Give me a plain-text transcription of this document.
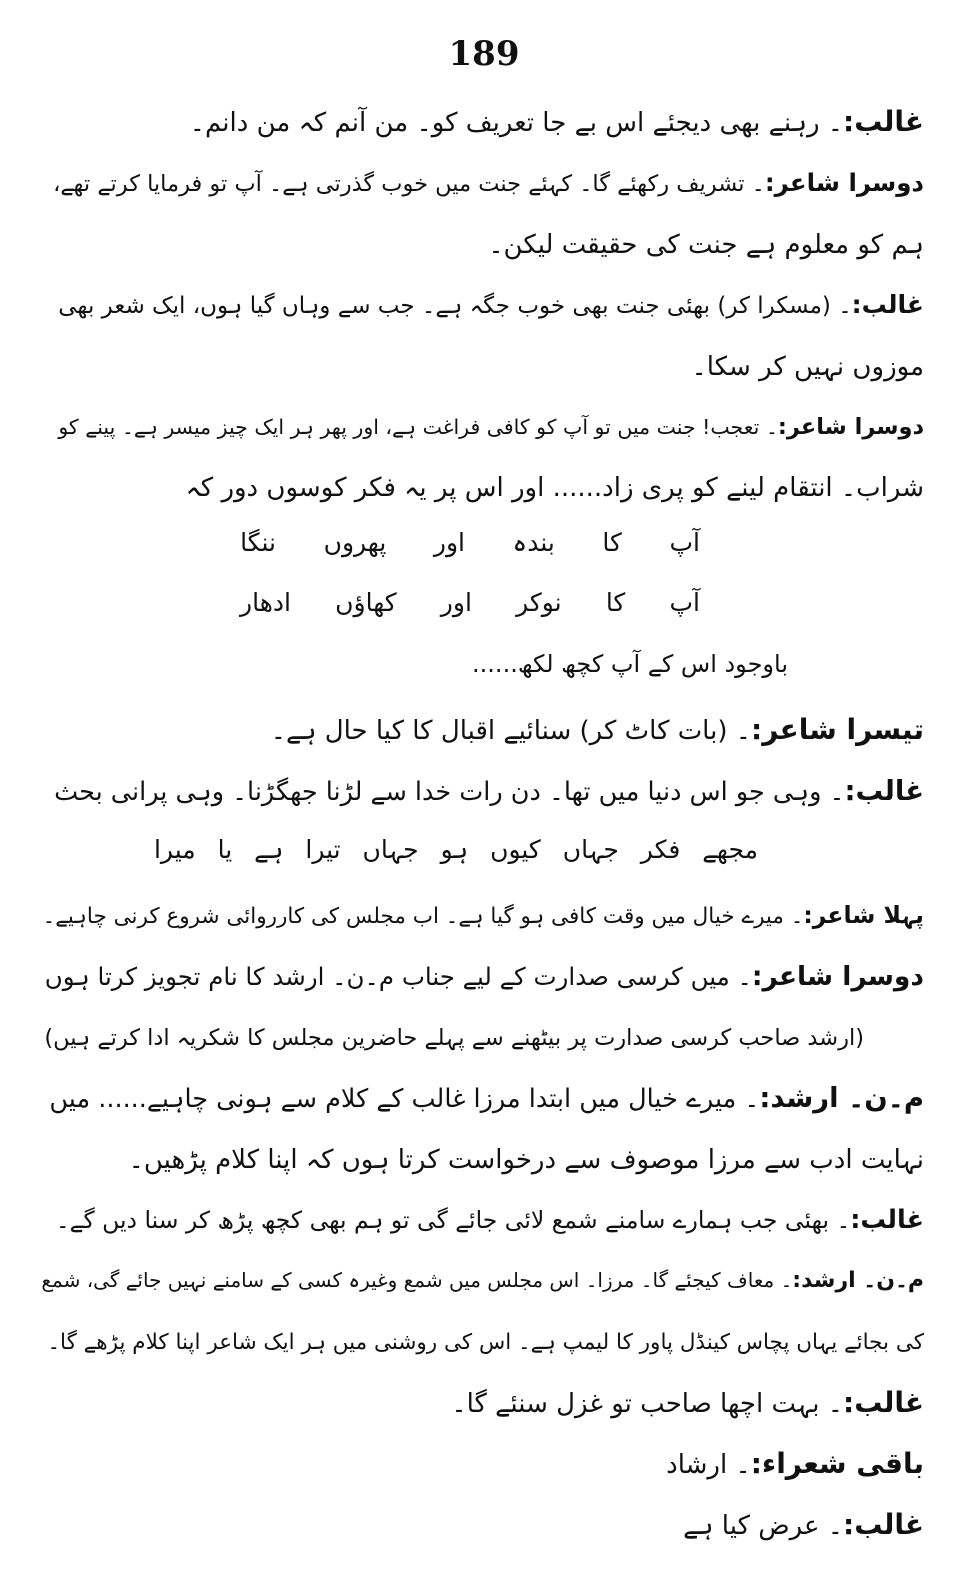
189
غالب:۔ رہنے بھی دیجئے اس بے جا تعریف کو۔ من آنم کہ من دانم۔
دوسرا شاعر:۔ تشریف رکھئے گا۔ کہئے جنت میں خوب گذرتی ہے۔ آپ تو فرمایا کرتے تھے،
ہم کو معلوم ہے جنت کی حقیقت لیکن۔
غالب:۔ (مسکرا کر) بھئی جنت بھی خوب جگہ ہے۔ جب سے وہاں گیا ہوں، ایک شعر بھی
موزوں نہیں کر سکا۔
دوسرا شاعر:۔ تعجب! جنت میں تو آپ کو کافی فراغت ہے، اور پھر ہر ایک چیز میسر ہے۔ پینے کو
شراب۔ انتقام لینے کو پری زاد...... اور اس پر یہ فکر کوسوں دور کہ
آپ
کا
بندہ
اور
پھروں
ننگا
آپ
کا
نوکر
اور
کھاؤں
ادھار
باوجود اس کے آپ کچھ لکھ......
تیسرا شاعر:۔ (بات کاٹ کر) سنائیے اقبال کا کیا حال ہے۔
غالب:۔ وہی جو اس دنیا میں تھا۔ دن رات خدا سے لڑنا جھگڑنا۔ وہی پرانی بحث
مجھے فکر جہاں کیوں ہو جہاں تیرا ہے یا میرا
پہلا شاعر:۔ میرے خیال میں وقت کافی ہو گیا ہے۔ اب مجلس کی کارروائی شروع کرنی چاہیے۔
دوسرا شاعر:۔ میں کرسی صدارت کے لیے جناب م۔ن۔ ارشد کا نام تجویز کرتا ہوں
(ارشد صاحب کرسی صدارت پر بیٹھنے سے پہلے حاضرین مجلس کا شکریہ ادا کرتے ہیں)
م۔ن۔ ارشد:۔ میرے خیال میں ابتدا مرزا غالب کے کلام سے ہونی چاہیے...... میں
نہایت ادب سے مرزا موصوف سے درخواست کرتا ہوں کہ اپنا کلام پڑھیں۔
غالب:۔ بھئی جب ہمارے سامنے شمع لائی جائے گی تو ہم بھی کچھ پڑھ کر سنا دیں گے۔
م۔ن۔ ارشد:۔ معاف کیجئے گا۔ مرزا۔ اس مجلس میں شمع وغیرہ کسی کے سامنے نہیں جائے گی، شمع
کی بجائے یہاں پچاس کینڈل پاور کا لیمپ ہے۔ اس کی روشنی میں ہر ایک شاعر اپنا کلام پڑھے گا۔
غالب:۔ بہت اچھا صاحب تو غزل سنئے گا۔
باقی شعراء:۔ ارشاد
غالب:۔ عرض کیا ہے
